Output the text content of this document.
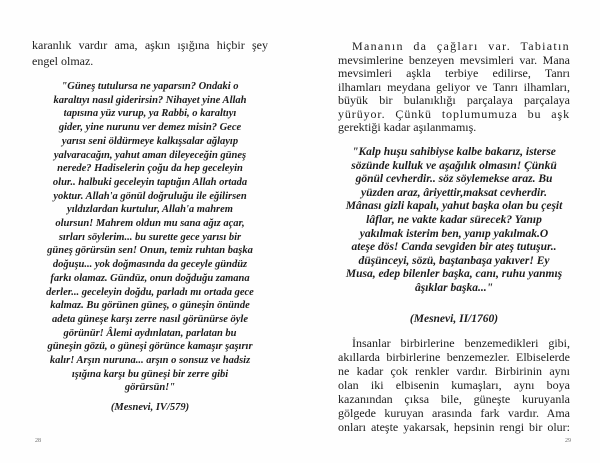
karanlık vardır ama, aşkın ışığına hiçbir şey
engel olmaz.
"Güneş tutulursa ne yaparsın? Ondaki o
karaltıyı nasıl giderirsin? Nihayet yine Allah
tapısına yüz vurup, ya Rabbi, o karaltıyı
gider, yine nurunu ver demez misin? Gece
yarısı seni öldürmeye kalkışsalar ağlayıp
yalvaracağın, yahut aman dileyeceğin güneş
nerede? Hadiselerin çoğu da hep geceleyin
olur.. halbuki geceleyin taptığın Allah ortada
yoktur. Allah'a gönül doğruluğu ile eğilirsen
yıldızlardan kurtulur, Allah'a mahrem
olursun! Mahrem oldun mu sana ağız açar,
sırları söylerim... bu surette gece yarısı bir
güneş görürsün sen! Onun, temiz ruhtan başka
doğuşu... yok doğmasında da geceyle gündüz
farkı olamaz. Gündüz, onun doğduğu zamana
derler... geceleyin doğdu, parladı mı ortada gece
kalmaz. Bu görünen güneş, o güneşin önünde
adeta güneşe karşı zerre nasıl görünürse öyle
görünür! Âlemi aydınlatan, parlatan bu
güneşin gözü, o güneşi görünce kamaşır şaşırır
kalır! Arşın nuruna... arşın o sonsuz ve hadsiz
ışığına karşı bu güneşi bir zerre gibi
görürsün!"
(Mesnevi, IV/579)
28
Mananın da çağları var. Tabiatın
mevsimlerine benzeyen mevsimleri var. Mana
mevsimleri aşkla terbiye edilirse, Tanrı
ilhamları meydana geliyor ve Tanrı ilhamları,
büyük bir bulanıklığı parçalaya parçalaya
yürüyor. Çünkü toplumumuza bu aşk
gerektiği kadar aşılanmamış.
"Kalp huşu sahibiyse kalbe bakarız, isterse
sözünde kulluk ve aşağılık olmasın! Çünkü
gönül cevherdir.. söz söylemekse araz. Bu
yüzden araz, âriyettir,maksat cevherdir.
Mânası gizli kapalı, yahut başka olan bu çeşit
lâflar, ne vakte kadar sürecek? Yanıp
yakılmak isterim ben, yanıp yakılmak.O
ateşe dös! Canda sevgiden bir ateş tutuşur..
düşünceyi, sözü, baştanbaşa yakıver! Ey
Musa, edep bilenler başka, canı, ruhu yanmış
âşıklar başka..."
(Mesnevi, II/1760)
İnsanlar birbirlerine benzemedikleri gibi,
akıllarda birbirlerine benzemezler. Elbiselerde
ne kadar çok renkler vardır. Birbirinin aynı
olan iki elbisenin kumaşları, aynı boya
kazanından çıksa bile, güneşte kuruyanla
gölgede kuruyan arasında fark vardır. Ama
onları ateşte yakarsak, hepsinin rengi bir olur:
29
